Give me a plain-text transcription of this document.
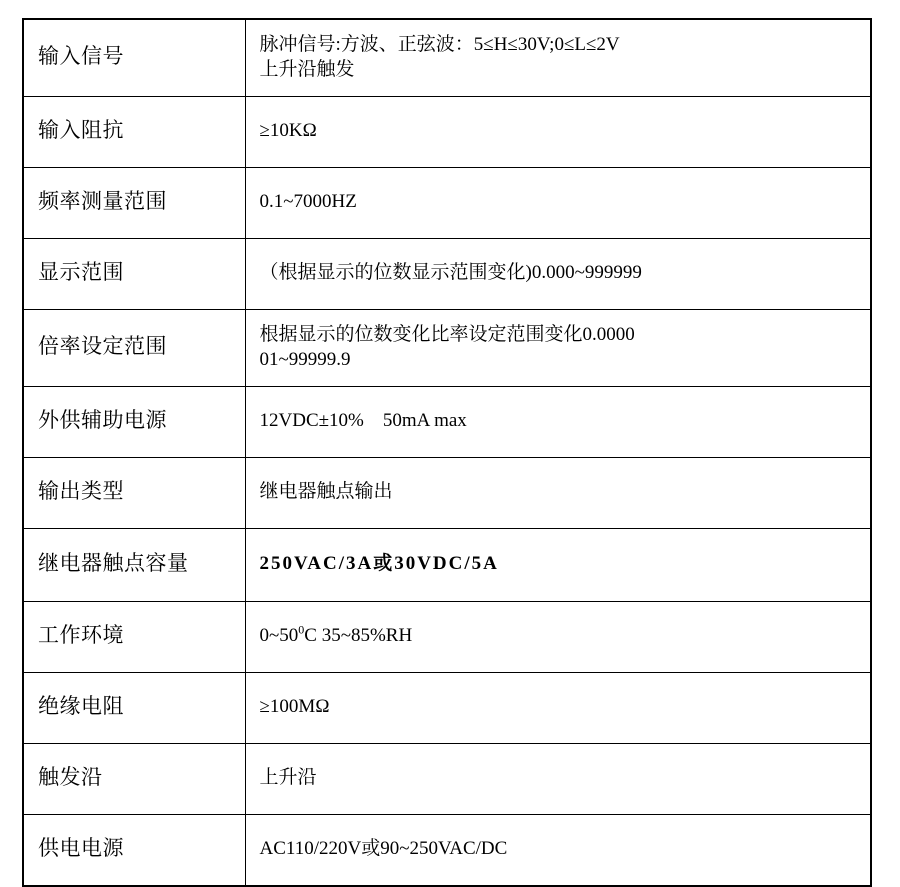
输入信号	脉冲信号:方波、正弦波：5≤H≤30V;0≤L≤2V
上升沿触发

输入阻抗	≥10KΩ
频率测量范围	0.1~7000HZ
显示范围	（根据显示的位数显示范围变化)0.000~999999
倍率设定范围	根据显示的位数变化比率设定范围变化0.0000
01~99999.9

外供辅助电源	12VDC±10%　50mA max
输出类型	继电器触点输出
继电器触点容量	250VAC/3A或30VDC/5A
工作环境	$0\sim 50^0C$ 35~85%RH
绝缘电阻	≥100MΩ
触发沿	上升沿
供电电源	AC110/220V或90~250VAC/DC
